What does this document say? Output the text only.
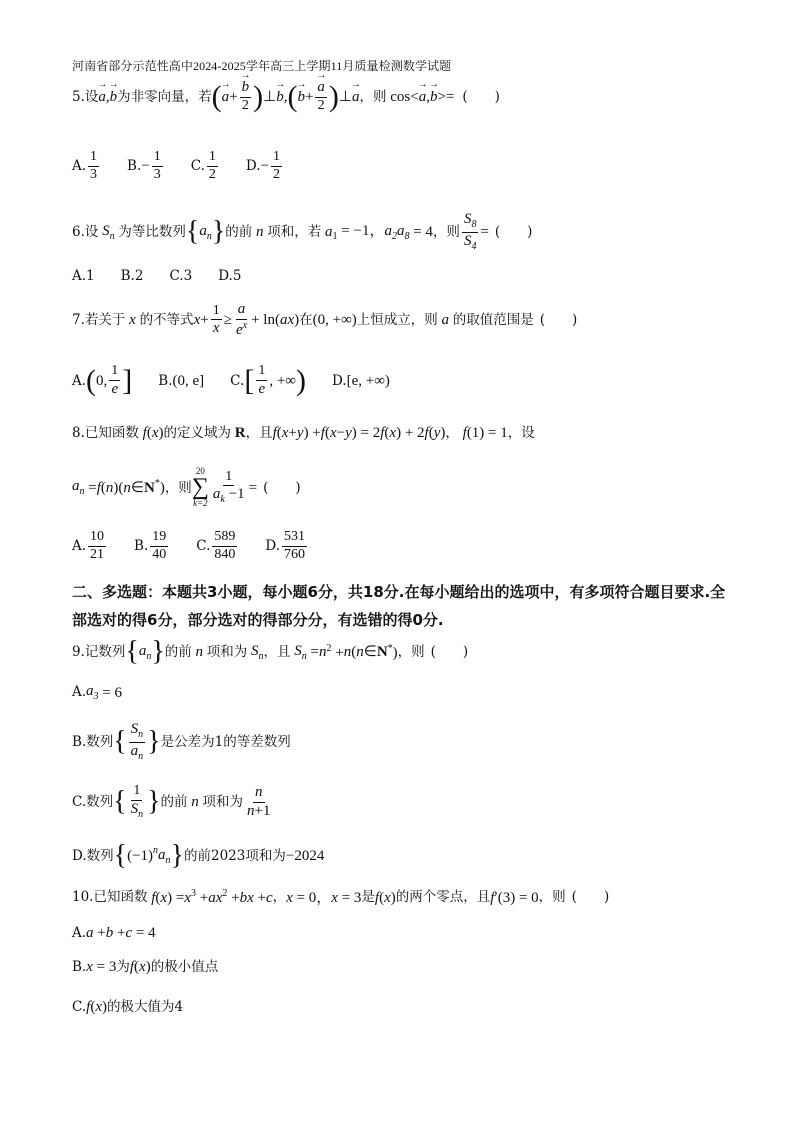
河南省部分示范性高中2024-2025学年高三上学期11月质量检测数学试题
5. 设 → a,→ b 为非零向量，若 ( → a + → $\frac{b}{2}$ ) ⊥ → b , ( → b + → $\frac{a}{2}$ ) ⊥ → a ，则 cos< → a,→ b >= (　　)
A. $\frac{1}{3} B$. − $\frac{1}{3} C$. $\frac{1}{2} D$. − $\frac{1}{2}$
6. 设 $S_n$ 为等比数列 { $a_n$ } 的前 n 项和，若 a $_1$ = −1， $a_2a_8 = 4$ ，则 $\frac{S_8}{S_4}$ = (　　)
A.1 B.2 C.3 D.5
7. 若关于 x 的不等式 $x + \frac{1}{x} \ge \frac{a}{e^x} + \ln$ ( ax ) 在 (0, +∞) 上恒成立，则 a 的取值范围是 (　　)
A. ( 0, $\frac{1}{e}$ ] B. (0, e] C. [ $\frac{1}{e}$ , +∞ ) D. [e, +∞)
8. 已知函数 f ( x ) 的定义域为 R ，且 f ( x + y ) + f ( x − y ) = 2 f ( x ) + 2 f ( y ) ， f (1) = 1 ，设
$a_n = f$ ( n )( n ∈ N *) ，则
20
∑
$k=2 \frac{1}{a_k -1}$ = (　　)
A. $\frac{10}{21} B$. $\frac{19}{40} C$. $\frac{589}{840} D$. $\frac{531}{760}$
二、多选题：本题共3小题，每小题6分，共18分.在每小题给出的选项中，有多项符合题目要求.全部选对的得6分，部分选对的得部分分，有选错的得0分.
9. 记数列 { $a_n$ } 的前 n 项和为 $S_n$ ，且 $S_n = n$ $^2$ + n ( n ∈ N *) ，则 (　　)
A. $a_3 = 6$
B.数列 { $\frac{S_n}{a_n}$ } 是公差为1的等差数列
C.数列 { $\frac{1}{S_n}$ } 的前 n 项和为 $\frac{n}{n+1}$
D.数列 { (−1) $^na_n$ } 的前2023项和为 −2024
10. 已知函数 f ( x ) = x $^3$ + ax $^2$ + bx + c ， x = 0， x = 3 是 f ( x ) 的两个零点，且 f ′(3) = 0 ，则 (　　)
A. a + b + c = 4
B. x = 3 为 f ( x ) 的极小值点
C. f ( x ) 的极大值为4
